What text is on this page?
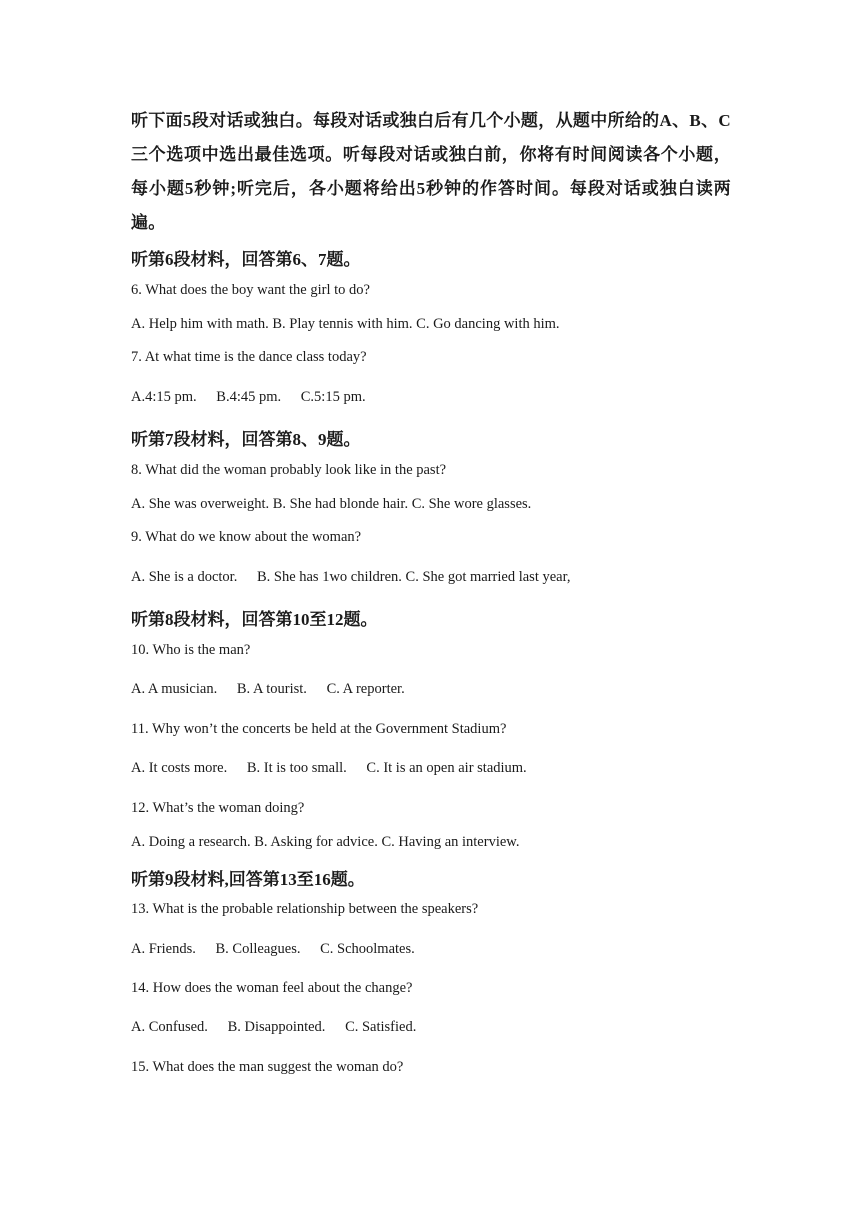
听下面5段对话或独白。每段对话或独白后有几个小题，从题中所给的A、B、C三个选项中选出最佳选项。听每段对话或独白前，你将有时间阅读各个小题，每小题5秒钟;听完后，各小题将给出5秒钟的作答时间。每段对话或独白读两遍。
听第6段材料，回答第6、7题。
6. What does the boy want the girl to do?
A. Help him with math. B. Play tennis with him. C. Go dancing with him.
7. At what time is the dance class today?
A.4:15 pm. B.4:45 pm. C.5:15 pm.
听第7段材料，回答第8、9题。
8. What did the woman probably look like in the past?
A. She was overweight. B. She had blonde hair. C. She wore glasses.
9. What do we know about the woman?
A. She is a doctor. B. She has 1wo children. C. She got married last year,
听第8段材料，回答第10至12题。
10. Who is the man?
A. A musician. B. A tourist. C. A reporter.
11. Why won’t the concerts be held at the Government Stadium?
A. It costs more. B. It is too small. C. It is an open air stadium.
12. What’s the woman doing?
A. Doing a research. B. Asking for advice. C. Having an interview.
听第9段材料,回答第13至16题。
13. What is the probable relationship between the speakers?
A. Friends. B. Colleagues. C. Schoolmates.
14. How does the woman feel about the change?
A. Confused. B. Disappointed. C. Satisfied.
15. What does the man suggest the woman do?
